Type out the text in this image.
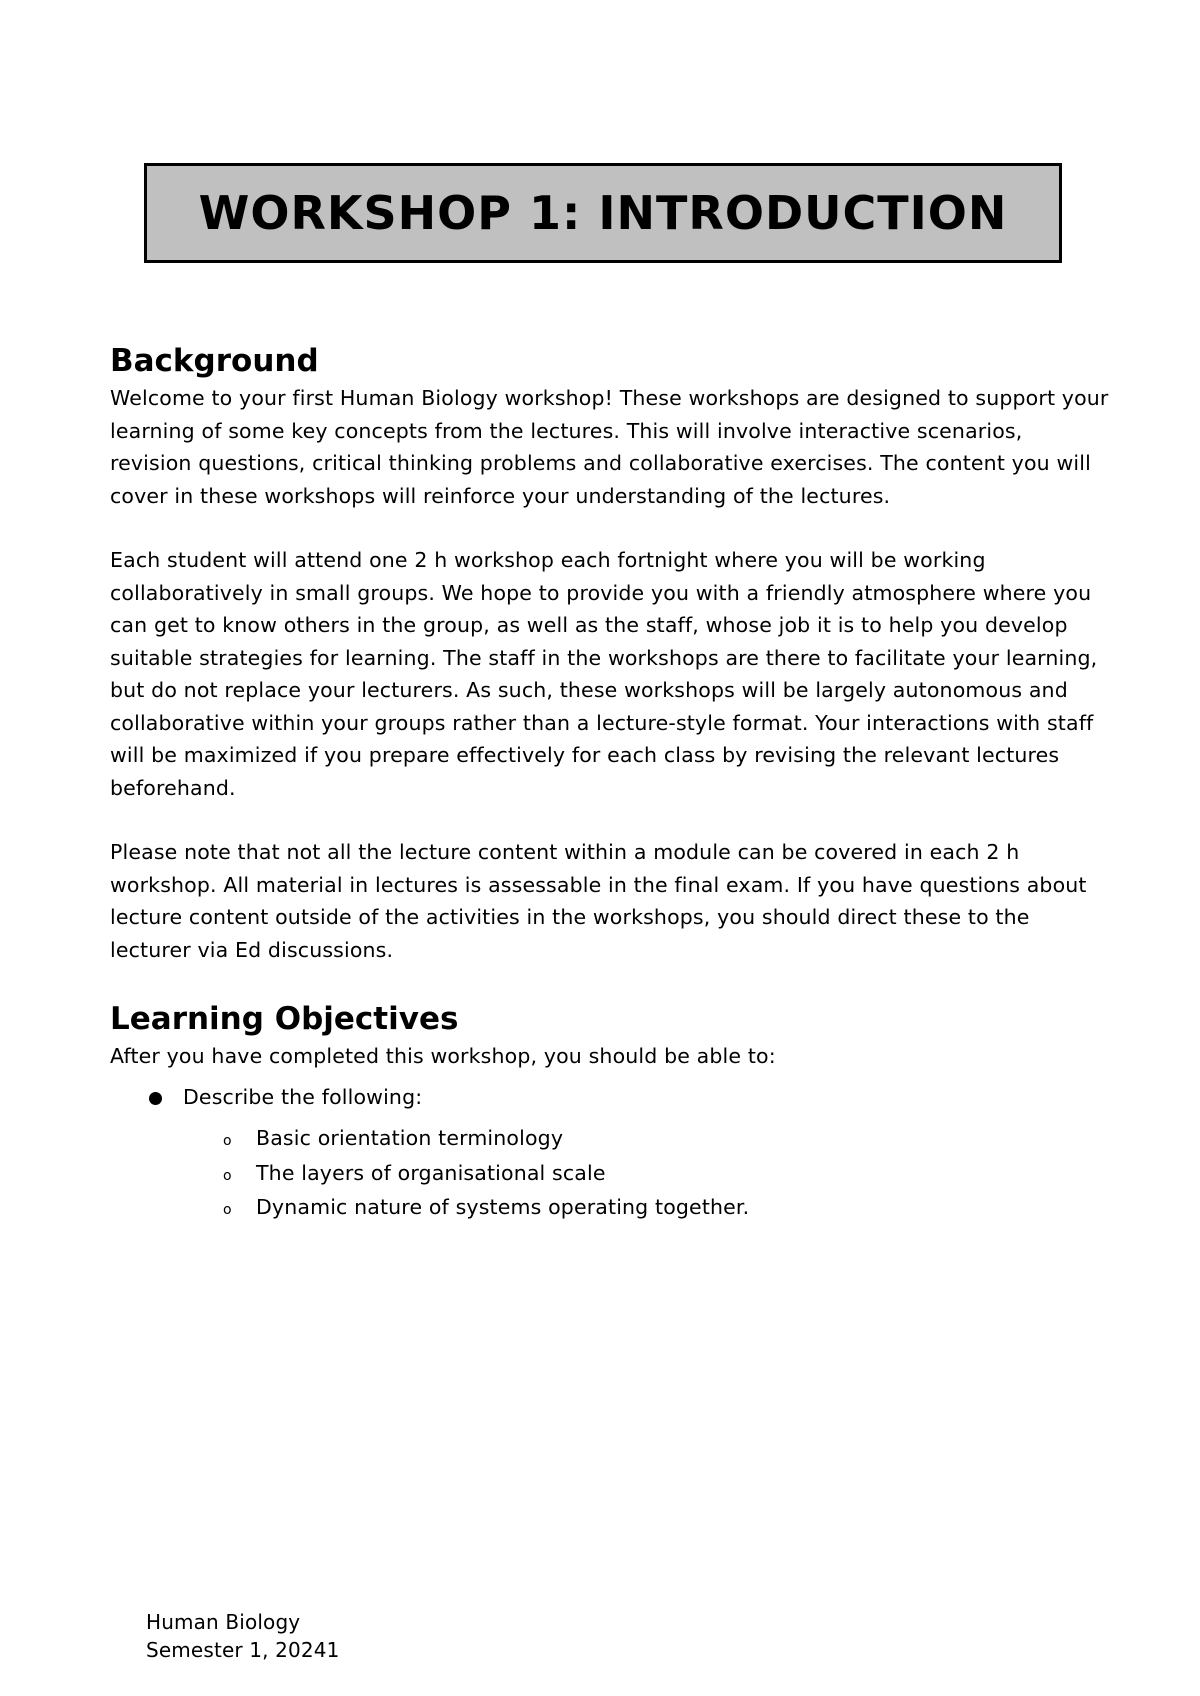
WORKSHOP 1: INTRODUCTION
Background

Welcome to your first Human Biology workshop! These workshops are designed to support your learning of some key concepts from the lectures. This will involve interactive scenarios, revision questions, critical thinking problems and collaborative exercises. The content you will cover in these workshops will reinforce your understanding of the lectures.

Each student will attend one 2 h workshop each fortnight where you will be working collaboratively in small groups. We hope to provide you with a friendly atmosphere where you can get to know others in the group, as well as the staff, whose job it is to help you develop suitable strategies for learning. The staff in the workshops are there to facilitate your learning, but do not replace your lecturers. As such, these workshops will be largely autonomous and collaborative within your groups rather than a lecture-style format. Your interactions with staff will be maximized if you prepare effectively for each class by revising the relevant lectures beforehand.

Please note that not all the lecture content within a module can be covered in each 2 h workshop. All material in lectures is assessable in the final exam. If you have questions about lecture content outside of the activities in the workshops, you should direct these to the lecturer via Ed discussions.

Learning Objectives

After you have completed this workshop, you should be able to:

Describe the following:
o Basic orientation terminology
o The layers of organisational scale
o Dynamic nature of systems operating together.
Human Biology
Semester 1, 20241
